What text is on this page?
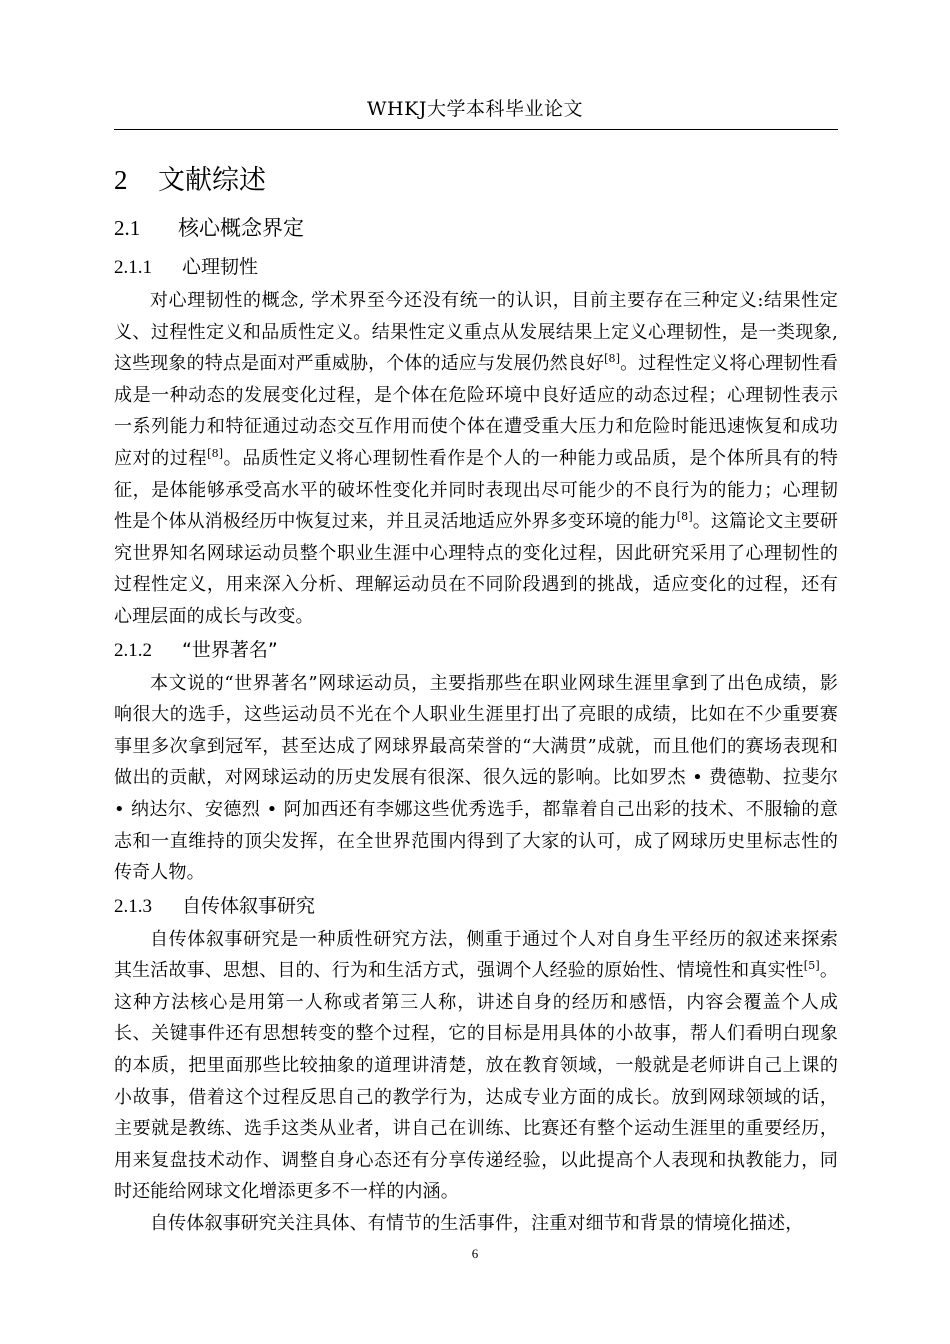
WHKJ大学本科毕业论文
2 文献综述
2.1 核心概念界定
2.1.1 心理韧性

对心理韧性的概念, 学术界至今还没有统一的认识，目前主要存在三种定义:结果性定义、过程性定义和品质性定义。结果性定义重点从发展结果上定义心理韧性，是一类现象, 这些现象的特点是面对严重威胁，个体的适应与发展仍然良好[8]。过程性定义将心理韧性看成是一种动态的发展变化过程，是个体在危险环境中良好适应的动态过程；心理韧性表示一系列能力和特征通过动态交互作用而使个体在遭受重大压力和危险时能迅速恢复和成功应对的过程[8]。品质性定义将心理韧性看作是个人的一种能力或品质，是个体所具有的特征，是体能够承受高水平的破坏性变化并同时表现出尽可能少的不良行为的能力；心理韧性是个体从消极经历中恢复过来，并且灵活地适应外界多变环境的能力[8]。这篇论文主要研究世界知名网球运动员整个职业生涯中心理特点的变化过程，因此研究采用了心理韧性的过程性定义，用来深入分析、理解运动员在不同阶段遇到的挑战，适应变化的过程，还有心理层面的成长与改变。

2.1.2 “世界著名”

本文说的“世界著名”网球运动员，主要指那些在职业网球生涯里拿到了出色成绩，影响很大的选手，这些运动员不光在个人职业生涯里打出了亮眼的成绩，比如在不少重要赛事里多次拿到冠军，甚至达成了网球界最高荣誉的“大满贯”成就，而且他们的赛场表现和做出的贡献，对网球运动的历史发展有很深、很久远的影响。比如罗杰 • 费德勒、拉斐尔 • 纳达尔、安德烈 • 阿加西还有李娜这些优秀选手，都靠着自己出彩的技术、不服输的意志和一直维持的顶尖发挥，在全世界范围内得到了大家的认可，成了网球历史里标志性的传奇人物。

2.1.3 自传体叙事研究

自传体叙事研究是一种质性研究方法，侧重于通过个人对自身生平经历的叙述来探索其生活故事、思想、目的、行为和生活方式，强调个人经验的原始性、情境性和真实性[5]。这种方法核心是用第一人称或者第三人称，讲述自身的经历和感悟，内容会覆盖个人成长、关键事件还有思想转变的整个过程，它的目标是用具体的小故事，帮人们看明白现象的本质，把里面那些比较抽象的道理讲清楚，放在教育领域，一般就是老师讲自己上课的小故事，借着这个过程反思自己的教学行为，达成专业方面的成长。放到网球领域的话，主要就是教练、选手这类从业者，讲自己在训练、比赛还有整个运动生涯里的重要经历，用来复盘技术动作、调整自身心态还有分享传递经验，以此提高个人表现和执教能力，同时还能给网球文化增添更多不一样的内涵。

自传体叙事研究关注具体、有情节的生活事件，注重对细节和背景的情境化描述，

6
